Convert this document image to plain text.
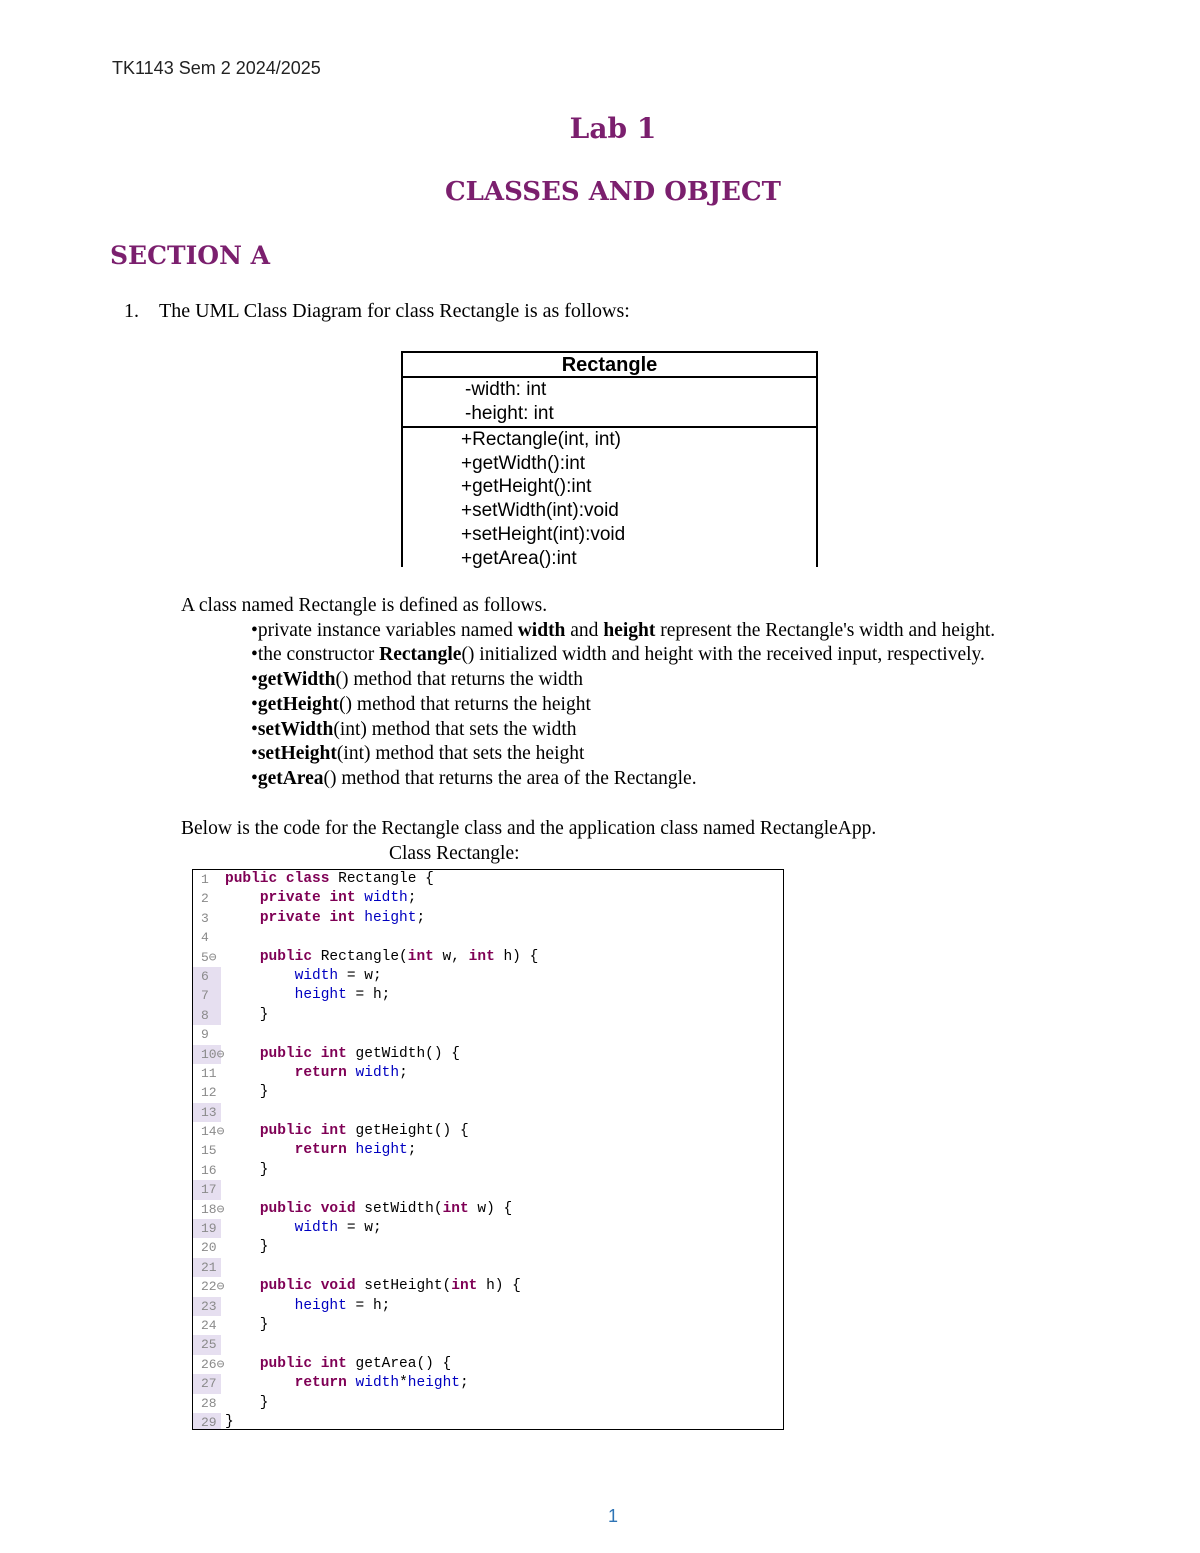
TK1143 Sem 2 2024/2025
Lab 1
CLASSES AND OBJECT
SECTION A
1. The UML Class Diagram for class Rectangle is as follows:
Rectangle
-width: int
-height: int
+Rectangle(int, int)
+getWidth():int
+getHeight():int
+setWidth(int):void
+setHeight(int):void
+getArea():int
A class named Rectangle is defined as follows.
• private instance variables named width and height represent the Rectangle's width and height.
• the constructor Rectangle() initialized width and height with the received input, respectively.
• getWidth() method that returns the width
• getHeight() method that returns the height
• setWidth(int) method that sets the width
• setHeight(int) method that sets the height
• getArea() method that returns the area of the Rectangle.
Below is the code for the Rectangle class and the application class named RectangleApp.
Class Rectangle:
1	public class Rectangle {
2	private int width;
3	private int height;
4
5⊖	public Rectangle(int w, int h) {
6	width = w;
7	height = h;
8	}
9
10⊖	public int getWidth() {
11	return width;
12 }
13
14⊖	public int getHeight() {
15	return height;
16 }
17
18⊖	public void setWidth(int w) {
19	width = w;
20 }
21
22⊖	public void setHeight(int h) {
23	height = h;
24 }
25
26⊖	public int getArea() {
27	return width*height;
28 }
29 }
1
